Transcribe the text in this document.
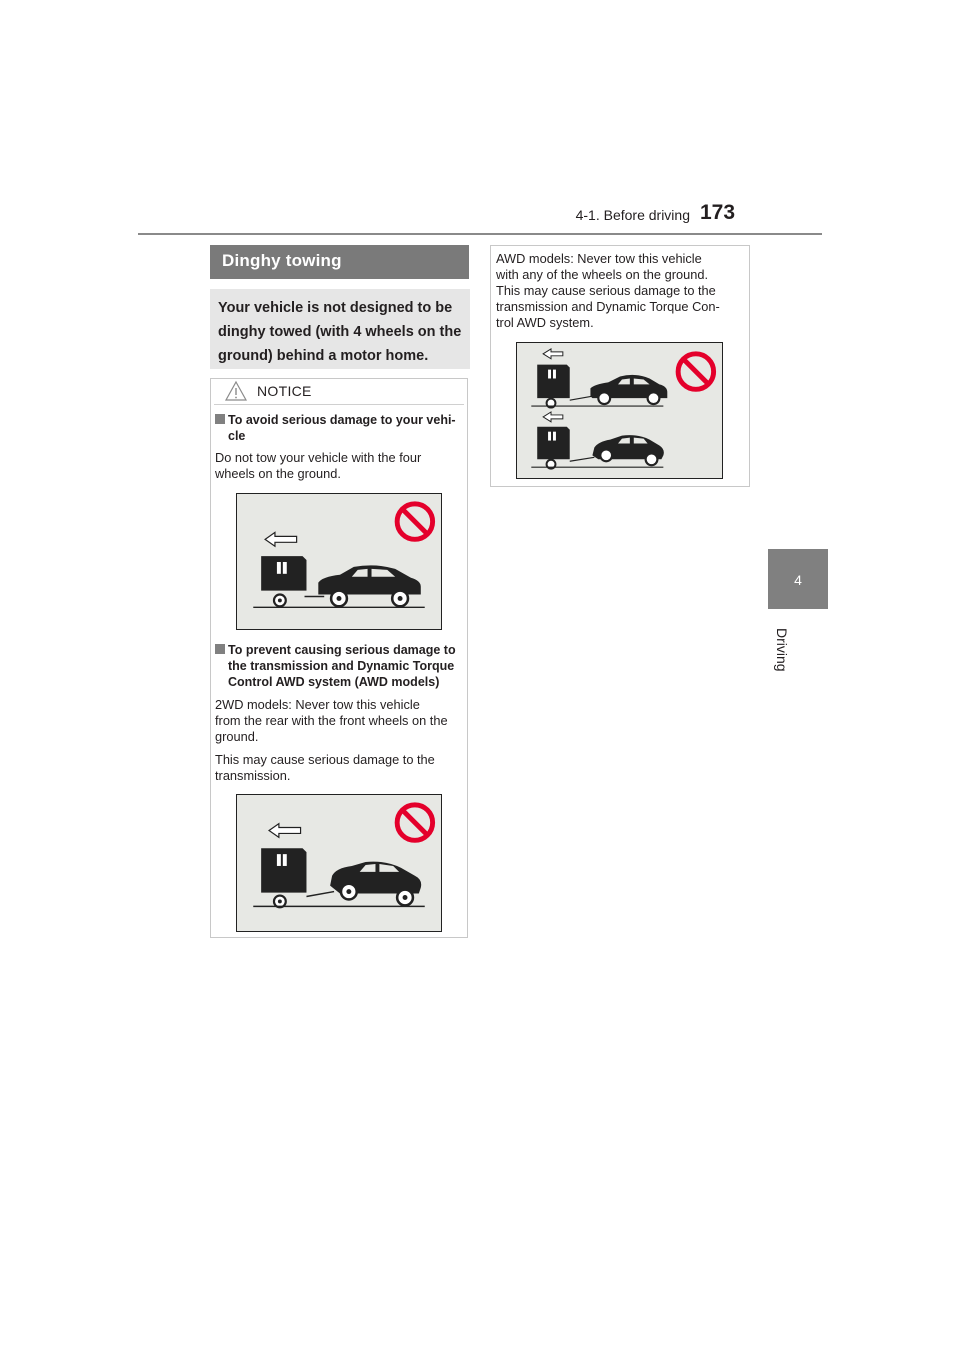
4-1. Before driving 173
4
Driving
Dinghy towing
Your vehicle is not designed to be dinghy towed (with 4 wheels on the ground) behind a motor home.
NOTICE
To avoid serious damage to your vehi-
cle
Do not tow your vehicle with the four
wheels on the ground.
To prevent causing serious damage to
the transmission and Dynamic Torque
Control AWD system (AWD models)
2WD models: Never tow this vehicle
from the rear with the front wheels on the
ground.
This may cause serious damage to the
transmission.
AWD models: Never tow this vehicle
with any of the wheels on the ground.
This may cause serious damage to the
transmission and Dynamic Torque Con-
trol AWD system.
